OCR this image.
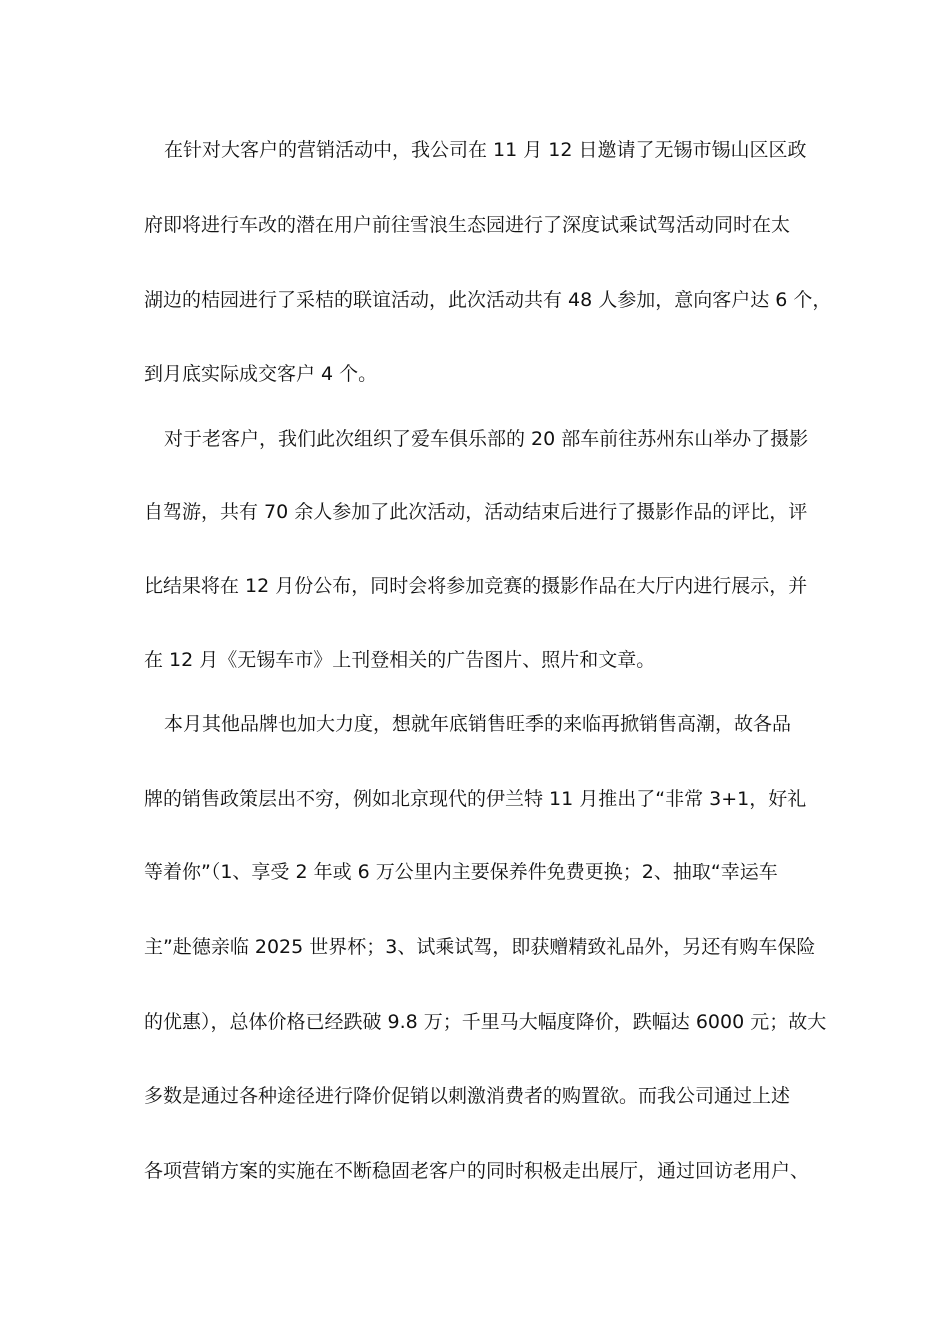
在针对大客户的营销活动中，我公司在 11 月 12 日邀请了无锡市锡山区区政
府即将进行车改的潜在用户前往雪浪生态园进行了深度试乘试驾活动同时在太
湖边的桔园进行了采桔的联谊活动，此次活动共有 48 人参加，意向客户达 6 个，
到月底实际成交客户 4 个。
对于老客户，我们此次组织了爱车俱乐部的 20 部车前往苏州东山举办了摄影
自驾游，共有 70 余人参加了此次活动，活动结束后进行了摄影作品的评比，评
比结果将在 12 月份公布，同时会将参加竞赛的摄影作品在大厅内进行展示，并
在 12 月《无锡车市》上刊登相关的广告图片、照片和文章。
本月其他品牌也加大力度，想就年底销售旺季的来临再掀销售高潮，故各品
牌的销售政策层出不穷，例如北京现代的伊兰特 11 月推出了“非常 3+1，好礼
等着你”（1、享受 2 年或 6 万公里内主要保养件免费更换；2、抽取“幸运车
主”赴德亲临 2025 世界杯；3、试乘试驾，即获赠精致礼品外，另还有购车保险
的优惠），总体价格已经跌破 9.8 万；千里马大幅度降价，跌幅达 6000 元；故大
多数是通过各种途径进行降价促销以刺激消费者的购置欲。而我公司通过上述
各项营销方案的实施在不断稳固老客户的同时积极走出展厅，通过回访老用户、
